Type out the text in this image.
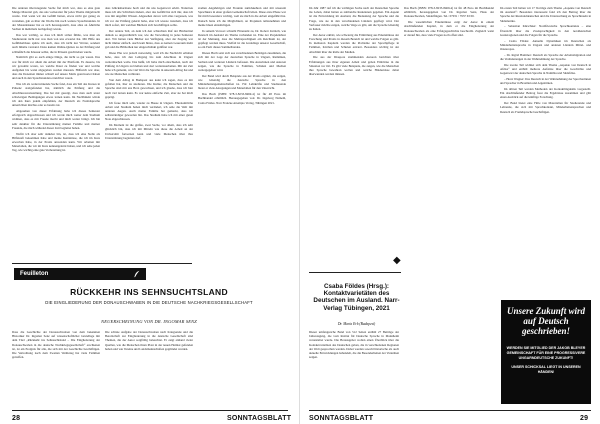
Die anderen überwiegende Sache fiel mich war, dass es eine gute Menge Material gab, das uns vorbereitet für jedes Thema mitgebracht wurde. Und wenn wir das Gefühl hatten, etwas nicht gut genug zu verstehen, gab es über die Woche hin noch weitere Sprechstunden. In der Musterklausur hat es sich herausgestellt, dass alles an Ähnliche Sachen in mehrmals nachgefragt wurde.

Das war wichtig, so dass ich mich sicher fühlte, was man als Studierende nicht nur was man von uns erwartet hat. Mit Hilfe des Gefühlsabbaus spürte ich auch, dass ich nicht nur Wörter, sondern auch Inhalte verstand. Dazu kamen Online-Quizze zu der Prüfung und schließlich die Klausur selbst, die in Präsenz geschrieben wurde.

Natürlich gibt es auch einige Dinge, die nicht so gut waren. Das war für mich vor allem die Arbeit mit der Plattform. Es dauerte, bis wir gewohnt waren, wo welche Datei zu finden war und welche Aufgaben bis wann abgegeben werden mussten. Hilfreich war aber, dass die Dozenten immer schnell auf unsere Mails geantwortet haben und auch in den Sprechstunden erreichbar waren.

Was ich als weiterwirkende Sache fand, dass ein Teil des Kurses in Präsenz stattgefunden hat, nämlich die Prüfung und die Abschlussveranstaltung. Das hat mir gezeigt, dass man auch unter schwierigen Bedingungen etwas lernen kann. Im Nachhinein würde ich den Kurs jedem empfehlen, der Deutsch als Fremdsprache unterrichten möchte oder es bereits tut.

Abgesehen von dieser Erfahrung habe ich dieses Semester erfolgreich abgeschlossen und ich werde mich weiter dem Studium widmen, dass es mir Freude macht und mich weiter bringt. Ich bin sehr dankbar für die Unterstützung meiner Familie und meiner Freunde, die mich während dieser Zeit begleitet haben.

Wofür ich aber sehr dankbar bin, ist, dass ich eine Stelle als Hilfskraft bekommen habe und meine Kenntnisse, die ich im Kurs erworben habe, in der Praxis anwenden kann. Wir arbeiten mit Materialien, die wir im Kurs kennengelernt haben, und ich sehe jeden Tag, wie wichtig eine gute Vorbereitung ist.

dass Glückshormone hoch und die uns Gegenwart erlebt. Naturtreu muss ich alle Schichten ändern, aber das Gefühl hat sich mir, dass ich was mit ungefähr Wissen. Abgesehen davon will alles vergessen, was ich vor der Prüfung gelernt habe, aber ich wusste trotzdem, dass ich mich sofort, mit welchen Büchern sich beschäftigen sollte.

Der andere Teil, an dem ich den schlechten Ruf der Büchertitel damals so ungewöhnlich war, wie die Verwaltung in jedes Semester dort. Wir hatten viele Bücher zur Verfügung, aber der Zugang war nicht immer einfach. Auch kam hinzu, dass es keinen Leseraum mehr gab und die Bibliothek nur eingeschränkt geöffnet war.

Diese Ehe war jedoch notwendig, weil ich die Nachricht erhalten habe, dass ich den Lehrgang bis zum Abschluss in Ungarn weitermachen wolle. Das heißt, ich habe mich entschieden, nach der Prüfung in Ungarn zu bleiben und dort weiterzuarbeiten. Mit der Zeit habe ich gemerkt, wie viel Wert die Sprache in unserem Alltag hat und wie sie Menschen verbindet.

Von dem Alltag in Budapest aus kann ich sagen, dass es mir gefallen hat, hier zu studieren. Die Kultur, die Menschen und die Sprache sind mir ans Herz gewachsen, und ich glaube, dass ich hier noch viel lernen kann. Es war keine einfache Zeit, aber sie hat mich geprägt.

Ich freue mich sehr, wieder zu Hause in Ungarn. Ehrenamtliche Arbeit und Studium haben mich verändert, ich sehe die Welt mit anderen Augen. Auch meine Familie hat gemerkt, dass ich selbstständiger geworden bin. Das Studium habe ich mit einer guten Note abgeschlossen.

Im Moment ist die größte, zwei Sache, vor allem, dass ich sehr glücklich bin, dass ich mit Mitteln wie diese die Arbeit an der Universität fortsetzen kann und viele Menschen über ihre Unterstützung begleiten darf.

stadien Angehörigen und Freunde zurückkehren und mit unserem Sprachkurs in einer großen Gemeinschaft leben. Diese erste Phase war für mich besonders wichtig, weil sie mich in die Arbeit eingeführt hat. Danach hatte ich die Möglichkeit, an Projekten teilzunehmen und meine Ideen einzubringen.

In seinem Vorwort schreibt Ehrenamt zu, Dr. Robert Zettisch, wie Deutsch im Ausland als Thema vorhanden ist. Eine der Projektlehrer ist der Meinung, dass die Mehrsprachigkeit ein Reichtum ist, der gepflegt werden muss. Vielfalt ist die Grundlage unserer Gesellschaft, so ein Fazit dieses Sammelbandes.

Dieses Buch setzt sich aus verschiedenen Beiträgen zusammen, die sich mit der Lage der deutschen Sprache in Ungarn, Rumänien, Serbien und weiteren Ländern befassen. Die Autorinnen und Autoren zeigen, wie die Sprache in Familien, Schulen und Medien weitergegeben wird.

Der Band wird durch Beispiele aus der Praxis ergänzt, die zeigen, wie lebendig die deutsche Sprache in den Minderheitengemeinschaften ist. Für Lehrkräfte und Studierende bietet er viele Anregungen und Materialien für den Unterricht.

Das Buch (ISBN: 978-3-8233-8469-4) ist für 48 Euro im Buchhandel erhältlich. Herausgegeben von: Dr. Ingeborg Nemeth, Csaba Földes. Narr Francke Attempto Verlag, Tübingen 2021.

Feuilleton
RÜCKKEHR INS SEHNSUCHTSLAND
DIE EINGLIEDERUNG DER DONAUSCHWABEN IN DIE DEUTSCHE NACHKRIEGSGESELLSCHAFT
NEUERSCHEINUNG VON DR. INGOMAR SENZ

Dass die Geschichte der Donauschwaben von dem bekannten Historiker Dr. Ingomar Senz auf wissenschaftlicher Grundlage mit dem Titel „Rückkehr ins Sehnsuchtsland – Die Eingliederung der Donauschwaben in die deutsche Nachkriegsgesellschaft“ erschienen ist, ist ein Ereignis für alle, die sich mit der Geschichte beschäftigen. Die Vertreibung nach dem Zweiten Weltkrieg hat viele Familien getroffen.

Die schöne Aufgabe der Donauschwaben nach Kriegsende und die Bereitschaft zur Eingliederung in die deutsche Gesellschaft sind Themen, die der Autor sorgfältig beleuchtet. Er zeigt anhand vieler Quellen, wie die Menschen ihren Platz in der neuen Heimat gefunden haben und wie Vereine und Landsmannschaften gegründet wurden.

28	SONNTAGSBLATT

Im Jahr 1987 rief ich die wichtigen Sache nach der Deutschen Sprache ins Leben, dabei hatten es zahlreiche Reaktionen gegeben. Ein Aspekt ist die Entwicklung im Ausland, die Bedeutung der Sprache und die Frage, wie sie in den verschiedenen Ländern gepflegt wird. Der Verfasser möchte zeigen, welche Wege es gibt, um die Sprache lebendig zu halten.

Der Autor erklärt, wie schwierig die Ermittlung aus Erkenntnisse der Forschung und Praxis in diesem Bereich ist und welche Folgen es gibt. In mehreren Kapiteln werden die Probleme der Sprachpflege in Familien, Kirchen und Schulen erörtert. Besonders wichtig ist der Abschnitt über die Rolle der Medien.

Die aus der Diaspora stammenden Autoren berichten über Erfahrungen aus ihrer eigenen Arbeit und geben Einblicke in die Situation vor Ort. Es gibt viele Beispiele, die zeigen, wie die Menschen ihre Sprache bewahren wollen und welche Hindernisse dabei überwunden werden müssen.

◆
Csaba Földes (Hrsg.): Kontaktvarietäten des Deutschen im Ausland. Narr-Verlag Tübingen, 2021
Dr. Maria Erb (Budapest)

Dieser umfangreiche Band von 512 Seiten enthält 27 Beiträge der Jahrestagung, die vom Institut für Deutsche Sprache in Mannheim veranstaltet wurde. Die Herausgeber wollen einen Überblick über die Kontaktvarietäten des Deutschen geben, die in verschiedenen Regionen der Welt gesprochen werden. Dabei werden sowohl historische als auch aktuelle Entwicklungen behandelt, die die Besonderheiten der Varietäten zeigen.

Das Buch (ISBN: 978-3-8233-8469-4) ist für 48 Euro im Buchhandel erhältlich, herausgegeben von Dr. Ingomar Senz, Haus der Donauschwaben, Sindelfingen. Tel.: 07031 / 7937 63 00.

Die wesentlichen Erkenntnisse zeigt der Autor in einem abschließenden Kapitel, in dem er die Eingliederung der Donauschwaben als eine Erfolgsgeschichte beschreibt. Zugleich weist er darauf hin, dass viele Fragen noch offen sind.

Im ersten Teil halten wir 17 Vorträge zum Thema „Aspekte von Deutsch im Ausland“: Besonders interessant fand ich den Beitrag über die Sprache der Russlanddeutschen und die Untersuchung zu Sprachinseln in Südamerika.

– Sebastian Kürschner: Nordfriesische Sprachkontakte – eine Übersicht über die Zweisprachigkeit in den norddeutschen Grenzregionen und die Folgen für die Sprache.

– Csaba Földes: Aktuelle Dynamiken im Deutschen als Minderheitensprache in Ungarn und anderen Ländern Mittel- und Osteuropas.

– Dr. Ingrid Hammer: Deutsch als Sprache der Arbeitsmigration und die Veränderungen in der Wahrnehmung der Sprache.

Die zweite Teil widmet sich dem Thema „Aspekte von Deutsch in Afrika“ und enthält mehrere Aufsätze über die Geschichte und Gegenwart der deutschen Sprache in Namibia und Südafrika.

– Horst Wagner: Das Deutsch in der Wahrnehmung der Sprecherinnen und Sprecher in Brasilien und Argentinien.

Im dritten Teil werden Methoden der Kontaktlinguistik vorgestellt. Ein abschließender Beitrag fasst die Ergebnisse zusammen und gibt einen Ausblick auf die künftige Forschung.

Der Band bietet eine Fülle von Materialien für Studierende und Lehrende, die sich mit Sprachkontakt, Minderheitensprachen und Deutsch als Fremdsprache beschäftigen.

Unsere Zukunft wird auf Deutsch geschrieben!
WERDEN SIE MITGLIED DER JAKOB BLEYER GEMEINSCHAFT FÜR EINE PROGRESSIVERE UNGARNDEUTSCHE ZUKUNFT!
UNSER SCHICKSAL LIEGT IN UNSEREN HÄNDEN!
SONNTAGSBLATT	29
